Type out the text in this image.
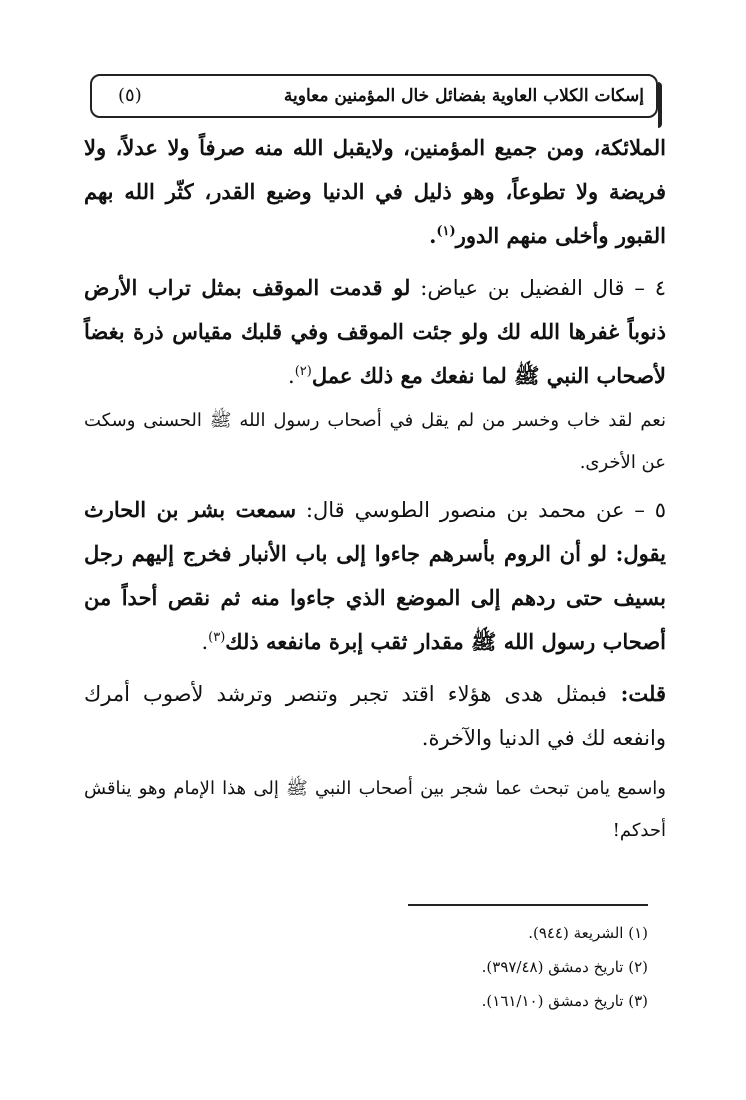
إسكات الكلاب العاوية بفضائل خال المؤمنين معاوية
(٥)

الملائكة، ومن جميع المؤمنين، ولايقبل الله منه صرفاً ولا عدلاً، ولا فريضة ولا تطوعاً، وهو ذليل في الدنيا وضيع القدر، كثّر الله بهم القبور وأخلى منهم الدور$^{(١)}$.

٤ – قال الفضيل بن عياض: لو قدمت الموقف بمثل تراب الأرض ذنوباً غفرها الله لك ولو جئت الموقف وفي قلبك مقياس ذرة بغضاً لأصحاب النبي ﷺ لما نفعك مع ذلك عمل$^{(٢)}$.

نعم لقد خاب وخسر من لم يقل في أصحاب رسول الله ﷺ الحسنى وسكت عن الأخرى.

٥ – عن محمد بن منصور الطوسي قال: سمعت بشر بن الحارث يقول: لو أن الروم بأسرهم جاءوا إلى باب الأنبار فخرج إليهم رجل بسيف حتى ردهم إلى الموضع الذي جاءوا منه ثم نقص أحداً من أصحاب رسول الله ﷺ مقدار ثقب إبرة مانفعه ذلك$^{(٣)}$.

قلت: فبمثل هدى هؤلاء اقتد تجبر وتنصر وترشد لأصوب أمرك وانفعه لك في الدنيا والآخرة.

واسمع يامن تبحث عما شجر بين أصحاب النبي ﷺ إلى هذا الإمام وهو يناقش أحدكم!

(١) الشريعة (٩٤٤).

(٢) تاريخ دمشق (٣٩٧/٤٨).

(٣) تاريخ دمشق (١٦١/١٠).
